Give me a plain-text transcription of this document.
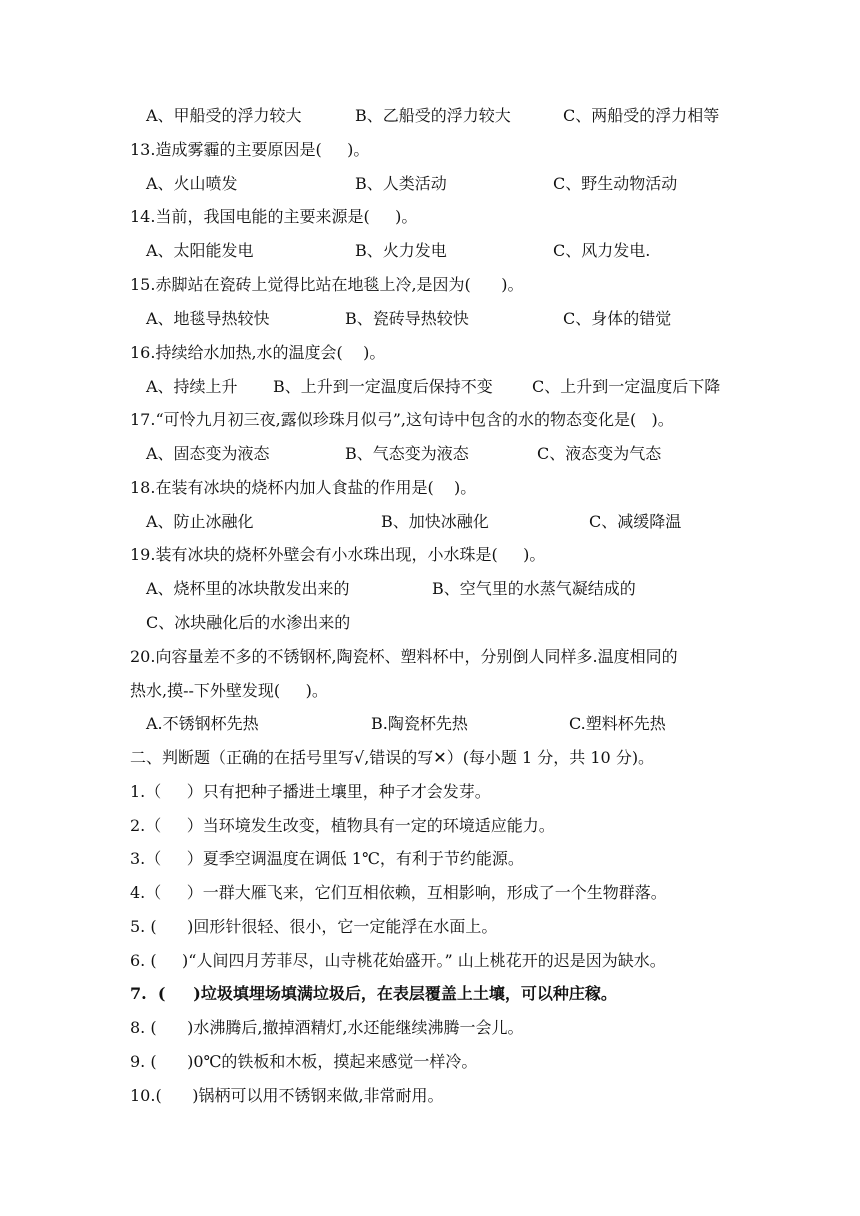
A、甲船受的浮力较大	B、乙船受的浮力较大	C、两船受的浮力相等
13.造成雾霾的主要原因是(     )。
A、火山喷发	B、人类活动	C、野生动物活动
14.当前，我国电能的主要来源是(     )。
A、太阳能发电	B、火力发电	C、风力发电.
15.赤脚站在瓷砖上觉得比站在地毯上冷,是因为(      )。
A、地毯导热较快	B、瓷砖导热较快	C、身体的错觉
16.持续给水加热,水的温度会(    )。
A、持续上升 B、上升到一定温度后保持不变 C、上升到一定温度后下降
17.“可怜九月初三夜,露似珍珠月似弓”,这句诗中包含的水的物态变化是(   )。
A、固态变为液态	B、气态变为液态	C、液态变为气态
18.在装有冰块的烧杯内加人食盐的作用是(    )。
A、防止冰融化	B、加快冰融化	C、减缓降温
19.装有冰块的烧杯外壁会有小水珠出现，小水珠是(     )。
A、烧杯里的冰块散发出来的	B、空气里的水蒸气凝结成的
C、冰块融化后的水渗出来的
20.向容量差不多的不锈钢杯,陶瓷杯、塑料杯中，分别倒人同样多.温度相同的
热水,摸--下外壁发现(     )。
A.不锈钢杯先热	B.陶瓷杯先热	C.塑料杯先热
二、判断题（正确的在括号里写√,错误的写✕）(每小题 1 分，共 10 分)。
1.（     ）只有把种子播进土壤里，种子才会发芽。
2.（     ）当环境发生改变，植物具有一定的环境适应能力。
3.（     ）夏季空调温度在调低 1℃，有利于节约能源。
4.（     ）一群大雁飞来，它们互相依赖，互相影响，形成了一个生物群落。
5. (      )回形针很轻、很小，它一定能浮在水面上。
6. (     )“人间四月芳菲尽，山寺桃花始盛开。” 山上桃花开的迟是因为缺水。
7.  (     )垃圾填埋场填满垃圾后，在表层覆盖上土壤，可以种庄稼。
8. (      )水沸腾后,撤掉酒精灯,水还能继续沸腾一会儿。
9. (      )0℃的铁板和木板，摸起来感觉一样冷。
10.(      )锅柄可以用不锈钢来做,非常耐用。
